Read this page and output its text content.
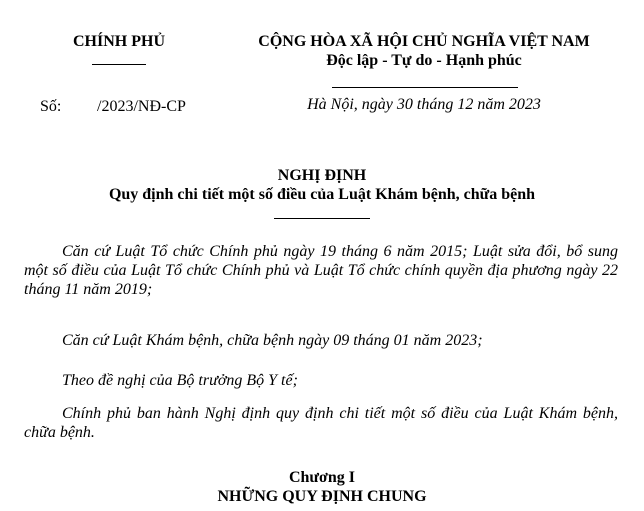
CHÍNH PHỦ	CỘNG HÒA XÃ HỘI CHỦ NGHĨA VIỆT NAM
Độc lập - Tự do - Hạnh phúc
Số: /2023/NĐ-CP	Hà Nội, ngày 30 tháng 12 năm 2023
NGHỊ ĐỊNH
Quy định chi tiết một số điều của Luật Khám bệnh, chữa bệnh
Căn cứ Luật Tổ chức Chính phủ ngày 19 tháng 6 năm 2015; Luật sửa đổi, bổ sung một số điều của Luật Tổ chức Chính phủ và Luật Tổ chức chính quyền địa phương ngày 22 tháng 11 năm 2019;
Căn cứ Luật Khám bệnh, chữa bệnh ngày 09 tháng 01 năm 2023;
Theo đề nghị của Bộ trưởng Bộ Y tế;
Chính phủ ban hành Nghị định quy định chi tiết một số điều của Luật Khám bệnh, chữa bệnh.
Chương I
NHỮNG QUY ĐỊNH CHUNG
